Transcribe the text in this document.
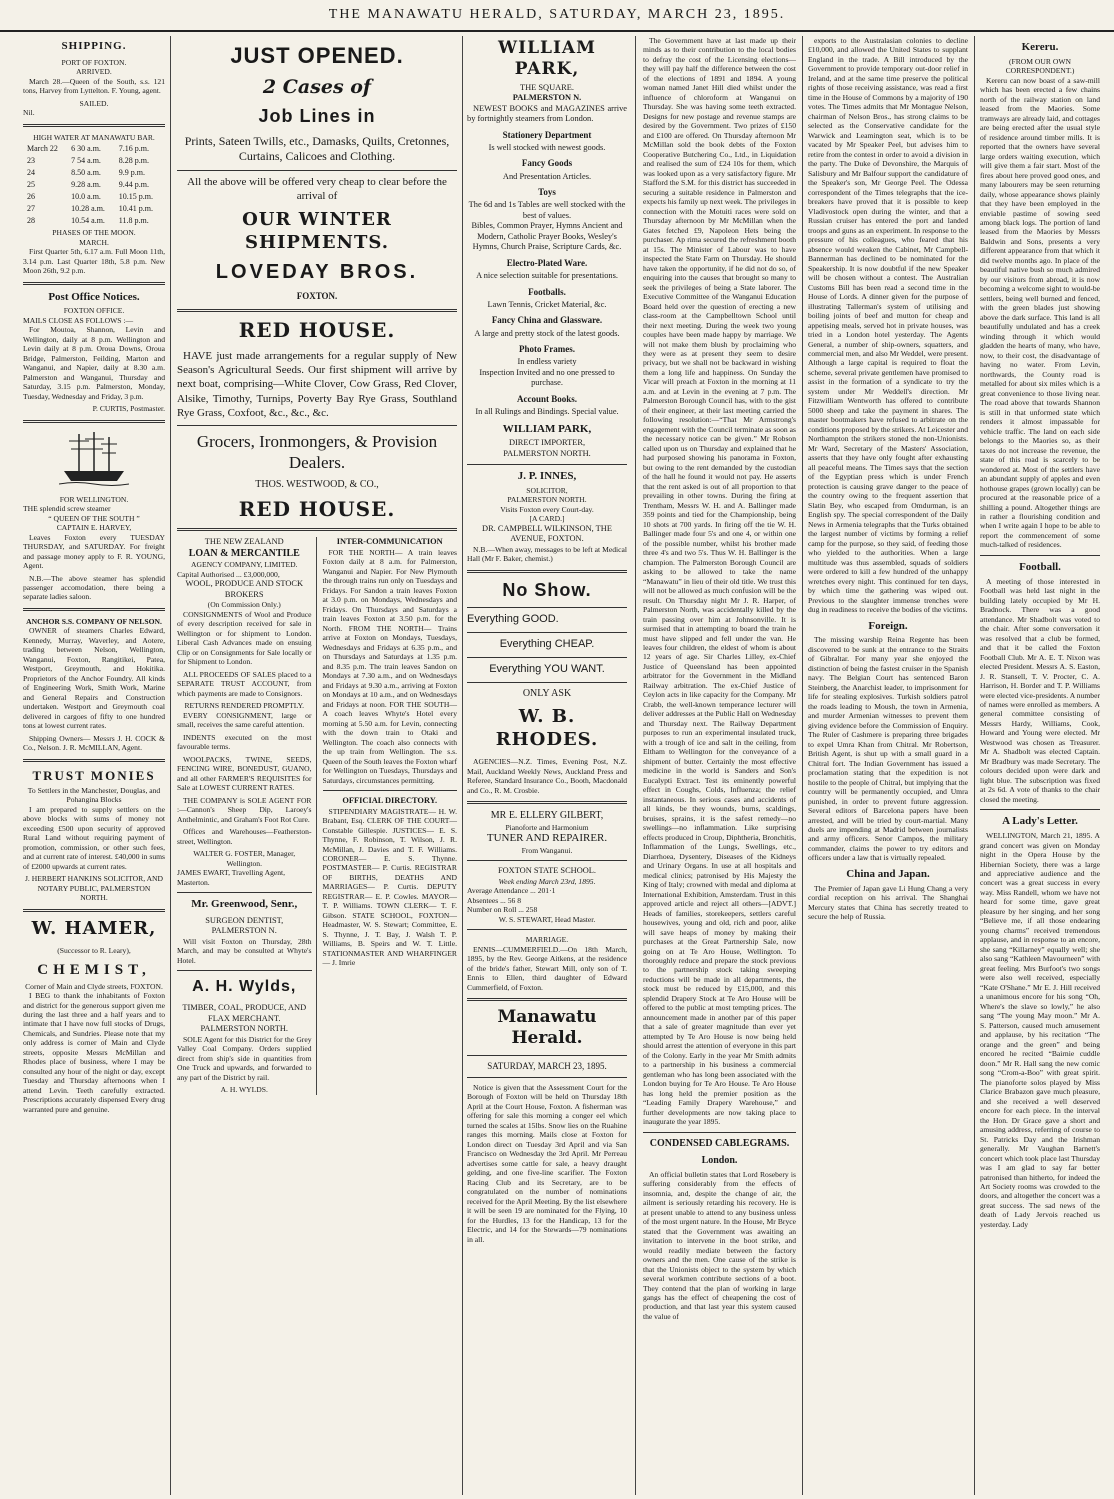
THE MANAWATU HERALD, SATURDAY, MARCH 23, 1895.
SHIPPING.
PORT OF FOXTON.
ARRIVED.

March 28.—Queen of the South, s.s. 121 tons, Harvey from Lyttelton. F. Young, agent.

SAILED.
Nil.
HIGH WATER AT MANAWATU BAR.
March 22	6 30 a.m.	7.16 p.m.
23	7 54 a.m.	8.28 p.m.
24	8.50 a.m.	9.9 p.m.
25	9.28 a.m.	9.44 p.m.
26	10.0 a.m.	10.15 p.m.
27	10.28 a.m.	10.41 p.m.
28	10.54 a.m.	11.8 p.m.
PHASES OF THE MOON.
MARCH.

First Quarter 5th, 6.17 a.m. Full Moon 11th, 3.14 p.m. Last Quarter 18th, 5.8 p.m. New Moon 26th, 9.2 p.m.

Post Office Notices.
FOXTON OFFICE.
MAILS CLOSE AS FOLLOWS :—

For Moutoa, Shannon, Levin and Wellington, daily at 8 p.m. Wellington and Levin daily at 8 p.m. Oroua Downs, Oroua Bridge, Palmerston, Feilding, Marton and Wanganui, and Napier, daily at 8.30 a.m. Palmerston and Wanganui, Thursday and Saturday, 3.15 p.m. Palmerston, Monday, Tuesday, Wednesday and Friday, 3 p.m.

P. CURTIS, Postmaster.
FOR WELLINGTON.
THE splendid screw steamer
“ QUEEN OF THE SOUTH ”
CAPTAIN E. HARVEY,

Leaves Foxton every TUESDAY THURSDAY, and SATURDAY. For freight and passage money apply to F. R. YOUNG, Agent.

N.B.—The above steamer has splendid passenger accomodation, there being a separate ladies saloon.

ANCHOR S.S. COMPANY OF NELSON.

OWNER of steamers Charles Edward, Kennedy, Murray, Waverley, and Aotere, trading between Nelson, Wellington, Wanganui, Foxton, Rangitikei, Patea, Westport, Greymouth, and Hokitika. Proprietors of the Anchor Foundry. All kinds of Engineering Work, Smith Work, Marine and General Repairs and Construction undertaken. Westport and Greymouth coal delivered in cargoes of fifty to one hundred tons at lowest current rates.

Shipping Owners— Messrs J. H. COCK & Co., Nelson. J. R. McMILLAN, Agent.

TRUST MONIES
To Settlers in the Manchester, Douglas, and Pohangina Blocks

I am prepared to supply settlers on the above blocks with sums of money not exceeding £500 upon security of approved Rural Land without requiring payment of promotion, commission, or other such fees, and at current rate of interest. £40,000 in sums of £2000 upwards at current rates.

J. HERBERT HANKINS SOLICITOR, AND NOTARY PUBLIC, PALMERSTON NORTH.
W. HAMER,
(Successor to R. Leary),
CHEMIST,
Corner of Main and Clyde streets, FOXTON.

I BEG to thank the inhabitants of Foxton and district for the generous support given me during the last three and a half years and to intimate that I have now full stocks of Drugs, Chemicals, and Sundries. Please note that my only address is corner of Main and Clyde streets, opposite Messrs McMillan and Rhodes place of business, where I may be consulted any hour of the night or day, except Tuesday and Thursday afternoons when I attend Levin. Teeth carefully extracted. Prescriptions accurately dispensed Every drug warranted pure and genuine.

JUST OPENED.
2 Cases of
Job Lines in
Prints, Sateen Twills, etc., Damasks, Quilts, Cretonnes, Curtains, Calicoes and Clothing.
All the above will be offered very cheap to clear before the arrival of
OUR WINTER SHIPMENTS.
LOVEDAY BROS.
FOXTON.
RED HOUSE.

HAVE just made arrangements for a regular supply of New Season's Agricultural Seeds. Our first shipment will arrive by next boat, comprising—White Clover, Cow Grass, Red Clover, Alsike, Timothy, Turnips, Poverty Bay Rye Grass, Southland Rye Grass, Coxfoot, &c., &c., &c.

Grocers, Ironmongers, & Provision Dealers.
THOS. WESTWOOD, & CO.,
RED HOUSE.
THE NEW ZEALAND
LOAN & MERCANTILE
AGENCY COMPANY, LIMITED.
Capital Authorised ... £3,000,000,
WOOL, PRODUCE AND STOCK BROKERS
(On Commission Only.)

CONSIGNMENTS of Wool and Produce of every description received for sale in Wellington or for shipment to London. Liberal Cash Advances made on ensuing Clip or on Consignments for Sale locally or for Shipment to London.

ALL PROCEEDS OF SALES placed to a SEPARATE TRUST ACCOUNT, from which payments are made to Consignors.

RETURNS RENDERED PROMPTLY.

EVERY CONSIGNMENT, large or small, receives the same careful attention.

INDENTS executed on the most favourable terms.

WOOLPACKS, TWINE, SEEDS, FENCING WIRE, BONEDUST, GUANO, and all other FARMER'S REQUISITES for Sale at LOWEST CURRENT RATES.

THE COMPANY is SOLE AGENT FOR :—Cannon's Sheep Dip, Laroey's Anthelmintic, and Graham's Foot Rot Cure.

Offices and Warehouses—Featherston-street, Wellington.

WALTER G. FOSTER, Manager, Wellington.
JAMES EWART, Travelling Agent, Masterton.
Mr. Greenwood, Senr.,
SURGEON DENTIST,
PALMERSTON N.

Will visit Foxton on Thursday, 28th March, and may be consulted at Whyte's Hotel.

A. H. Wylds,
TIMBER, COAL, PRODUCE, AND FLAX MERCHANT.
PALMERSTON NORTH.

SOLE Agent for this District for the Grey Valley Coal Company. Orders supplied direct from ship's side in quantities from One Truck and upwards, and forwarded to any part of the District by rail.

A. H. WYLDS.
INTER-COMMUNICATION

FOR THE NORTH— A train leaves Foxton daily at 8 a.m. for Palmerston, Wanganui and Napier. For New Plymouth the through trains run only on Tuesdays and Fridays. For Sandon a train leaves Foxton at 3.0 p.m. on Mondays, Wednesdays and Fridays. On Thursdays and Saturdays a train leaves Foxton at 3.50 p.m. for the North. FROM THE NORTH— Trains arrive at Foxton on Mondays, Tuesdays, Wednesdays and Fridays at 6.35 p.m., and on Thursdays and Saturdays at 1.35 p.m. and 8.35 p.m. The train leaves Sandon on Mondays at 7.30 a.m., and on Wednesdays and Fridays at 9.30 a.m., arriving at Foxton on Mondays at 10 a.m., and on Wednesdays and Fridays at noon. FOR THE SOUTH— A coach leaves Whyte's Hotel every morning at 5.50 a.m. for Levin, connecting with the down train to Otaki and Wellington. The coach also connects with the up train from Wellington. The s.s. Queen of the South leaves the Foxton wharf for Wellington on Tuesdays, Thursdays and Saturdays, circumstances permitting.

OFFICIAL DIRECTORY.

STIPENDIARY MAGISTRATE— H. W. Brabant, Esq. CLERK OF THE COURT— Constable Gillespie. JUSTICES— E. S. Thynne, F. Robinson, T. Wilson, J. R. McMillan, J. Davies and T. F. Williams. CORONER— E. S. Thynne. POSTMASTER— P. Curtis. REGISTRAR OF BIRTHS, DEATHS AND MARRIAGES— P. Curtis. DEPUTY REGISTRAR— E. P. Cowles. MAYOR— T. P. Williams. TOWN CLERK— T. F. Gibson. STATE SCHOOL, FOXTON— Headmaster, W. S. Stewart; Committee, E. S. Thynne, J. T. Bay, J. Walsh T. P. Williams, B. Speirs and W. T. Little. STATIONMASTER AND WHARFINGER— J. Imrie

WILLIAM PARK,
THE SQUARE.
PALMERSTON N.

NEWEST BOOKS and MAGAZINES arrive by fortnightly steamers from London.

Stationery Department
Is well stocked with newest goods.
Fancy Goods
And Presentation Articles.
Toys
The 6d and 1s Tables are well stocked with the best of values.
Bibles, Common Prayer, Hymns Ancient and Modern, Catholic Prayer Books, Wesley's Hymns, Church Praise, Scripture Cards, &c.
Electro-Plated Ware.
A nice selection suitable for presentations.
Footballs.
Lawn Tennis, Cricket Material, &c.
Fancy China and Glassware.
A large and pretty stock of the latest goods.
Photo Frames.
In endless variety
Inspection Invited and no one pressed to purchase.
Account Books.
In all Rulings and Bindings. Special value.
WILLIAM PARK,
DIRECT IMPORTER,
PALMERSTON NORTH.
J. P. INNES,
SOLICITOR,
PALMERSTON NORTH.
Visits Foxton every Court-day.
[A CARD.]
DR. CAMPBELL WILKINSON, THE AVENUE, FOXTON.

N.B.—When away, messages to be left at Medical Hall (Mr F. Baker, chemist.)

No Show.
Everything GOOD.
Everything CHEAP.
Everything YOU WANT.
ONLY ASK
W. B. RHODES.

AGENCIES—N.Z. Times, Evening Post, N.Z. Mail, Auckland Weekly News, Auckland Press and Referee, Standard Insurance Co., Booth, Macdonald and Co., R. M. Crosbie.

MR E. ELLERY GILBERT,
Pianoforte and Harmonium
TUNER AND REPAIRER.
From Wanganui.
FOXTON STATE SCHOOL.
Week ending March 23rd, 1895.
Average Attendance ... 201·1
Absentees ... 56 8
Number on Roll ... 258
W. S. STEWART, Head Master.
MARRIAGE.

ENNIS—CUMMERFIELD.—On 18th March, 1895, by the Rev. George Aitkens, at the residence of the bride's father, Stewart Mill, only son of T. Ennis to Ellen, third daughter of Edward Cummerfield, of Foxton.

Manawatu Herald.
SATURDAY, MARCH 23, 1895.

Notice is given that the Assessment Court for the Borough of Foxton will be held on Thursday 18th April at the Court House, Foxton. A fisherman was offering for sale this morning a conger eel which turned the scales at 15lbs. Snow lies on the Ruahine ranges this morning. Mails close at Foxton for London direct on Tuesday 3rd April and via San Francisco on Wednesday the 3rd April. Mr Perreau advertises some cattle for sale, a heavy draught gelding, and one five-line scarifier. The Foxton Racing Club and its Secretary, are to be congratulated on the number of nominations received for the April Meeting. By the list elsewhere it will be seen 19 are nominated for the Flying, 10 for the Hurdles, 13 for the Handicap, 13 for the Electric, and 14 for the Stewards—79 nominations in all.

The Government have at last made up their minds as to their contribution to the local bodies to defray the cost of the Licensing elections—they will pay half the difference between the cost of the elections of 1891 and 1894. A young woman named Janet Hill died whilst under the influence of chloroform at Wanganui on Thursday. She was having some teeth extracted. Designs for new postage and revenue stamps are desired by the Government. Two prizes of £150 and £100 are offered. On Thursday afternoon Mr McMillan sold the book debts of the Foxton Cooperative Butchering Co., Ltd., in Liquidation and realised the sum of £24 10s for them, which was looked upon as a very satisfactory figure. Mr Stafford the S.M. for this district has succeeded in securing a suitable residence in Palmerston and expects his family up next week. The privileges in connection with the Motuiti races were sold on Thursday afternoon by Mr McMillan when the Gates fetched £9, Napoleon Hets being the purchaser. Ap rima secured the refreshment booth at 15s. The Minister of Labour was to have inspected the State Farm on Thursday. He should have taken the opportunity, if he did not do so, of enquiring into the causes that brought so many to seek the privileges of being a State laborer. The Executive Committee of the Wanganui Education Board held over the question of erecting a new class-room at the Campbelltown School until their next meeting. During the week two young couples have been made happy by marriage. We will not make them blush by proclaiming who they were as at present they seem to desire privacy, but we shall not be backward in wishing them a long life and happiness. On Sunday the Vicar will preach at Foxton in the morning at 11 a.m. and at Levin in the evening at 7 p.m. The Palmerston Borough Council has, with to the gist of their engineer, at their last meeting carried the following resolution:—“That Mr Armstrong's engagement with the Council terminate as soon as the necessary notice can be given.” Mr Robson called upon us on Thursday and explained that he had purposed showing his panorama in Foxton, but owing to the rent demanded by the custodian of the hall he found it would not pay. He asserts that the rent asked is out of all proportion to that prevailing in other towns. During the firing at Trentham, Messrs W. H. and A. Ballinger made 359 points and tied for the Championship, being 10 shots at 700 yards. In firing off the tie W. H. Ballinger made four 5's and one 4, or within one of the possible number, whilst his brother made three 4's and two 5's. Thus W. H. Ballinger is the champion. The Palmerston Borough Council are asking to be allowed to take the name “Manawatu” in lieu of their old title. We trust this will not be allowed as much confusion will be the result. On Thursday night Mr J. R. Harper, of Palmerston North, was accidentally killed by the train passing over him at Johnsonville. It is surmised that in attempting to board the train he must have slipped and fell under the van. He leaves four children, the eldest of whom is about 12 years of age. Sir Charles Lilley, ex-Chief Justice of Queensland has been appointed arbitrator for the Government in the Midland Railway arbitration. The ex-Chief Justice of Ceylon acts in like capacity for the Company. Mr Crabb, the well-known temperance lecturer will deliver addresses at the Public Hall on Wednesday and Thursday next. The Railway Department purposes to run an experimental insulated truck, with a trough of ice and salt in the ceiling, from Eltham to Wellington for the conveyance of a shipment of butter. Certainly the most effective medicine in the world is Sanders and Son's Eucalypti Extract. Test its eminently powerful effect in Coughs, Colds, Influenza; the relief instantaneous. In serious cases and accidents of all kinds, be they wounds, burns, scaldings, bruises, sprains, it is the safest remedy—no swellings—no inflammation. Like surprising effects produced in Croup, Diphtheria, Bronchitis, Inflammation of the Lungs, Swellings, etc., Diarrhoea, Dysentery, Diseases of the Kidneys and Urinary Organs. In use at all hospitals and medical clinics; patronised by His Majesty the King of Italy; crowned with medal and diploma at International Exhibition, Amsterdam. Trust in this approved article and reject all others—[ADVT.] Heads of families, storekeepers, settlers careful housewives, young and old, rich and poor, alike will save heaps of money by making their purchases at the Great Partnership Sale, now going on at Te Aro House, Wellington. To thoroughly reduce and prepare the stock previous to the partnership stock taking sweeping reductions will be made in all departments, the stock must be reduced by £15,000, and this splendid Drapery Stock at Te Aro House will be offered to the public at most tempting prices. The announcement made in another par of this paper that a sale of greater magnitude than ever yet attempted by Te Aro House is now being held should arrest the attention of everyone in this part of the Colony. Early in the year Mr Smith admits to a partnership in his business a commercial gentleman who has long been associated with the London buying for Te Aro House. Te Aro House has long held the premier position as the “Leading Family Drapery Warehouse,” and further developments are now taking place to inaugurate the year 1895.

CONDENSED CABLEGRAMS.
London.

An official bulletin states that Lord Rosebery is suffering considerably from the effects of insomnia, and, despite the change of air, the ailment is seriously retarding his recovery. He is at present unable to attend to any business unless of the most urgent nature. In the House, Mr Bryce stated that the Government was awaiting an invitation to intervene in the boot strike, and would readily mediate between the factory owners and the men. One cause of the strike is that the Unionists object to the system by which several workmen contribute sections of a boot. They contend that the plan of working in large gangs has the effect of cheapening the cost of production, and that last year this system caused the value of

exports to the Australasian colonies to decline £10,000, and allowed the United States to supplant England in the trade. A Bill introduced by the Government to provide temporary out-door relief in Ireland, and at the same time preserve the political rights of those receiving assistance, was read a first time in the House of Commons by a majority of 190 votes. The Times admits that Mr Montague Nelson, chairman of Nelson Bros., has strong claims to be selected as the Conservative candidate for the Warwick and Leamington seat, which is to be vacated by Mr Speaker Peel, but advises him to retire from the contest in order to avoid a division in the party. The Duke of Devonshire, the Marquis of Salisbury and Mr Balfour support the candidature of the Speaker's son, Mr George Peel. The Odessa correspondent of the Times telegraphs that the ice-breakers have proved that it is possible to keep Vladivostock open during the winter, and that a Russian cruiser has entered the port and landed troops and guns as an experiment. In response to the pressure of his colleagues, who feared that his absence would weaken the Cabinet, Mr Campbell-Bannerman has declined to be nominated for the Speakership. It is now doubtful if the new Speaker will be chosen without a contest. The Australian Customs Bill has been read a second time in the House of Lords. A dinner given for the purpose of illustrating Tallerman's system of utilising and boiling joints of beef and mutton for cheap and appetising meals, served hot in private houses, was tried in a London hotel yesterday. The Agents General, a number of ship-owners, squatters, and commercial men, and also Mr Weddel, were present. Although a large capital is required to float the scheme, several private gentlemen have promised to assist in the formation of a syndicate to try the system under Mr Weddell's direction. Mr Fitzwilliam Wentworth has offered to contribute 5000 sheep and take the payment in shares. The master bootmakers have refused to arbitrate on the conditions proposed by the strikers. At Leicester and Northampton the strikers stoned the non-Unionists. Mr Ward, Secretary of the Masters' Association, asserts that they have only fought after exhausting all peaceful means. The Times says that the section of the Egyptian press which is under French protection is causing grave danger to the peace of the country owing to the frequent assertion that Slatin Bey, who escaped from Omdurman, is an English spy. The special correspondent of the Daily News in Armenia telegraphs that the Turks obtained the largest number of victims by forming a relief camp for the purpose, so they said, of feeding those who yielded to the authorities. When a large multitude was thus assembled, squads of soldiers were ordered to kill a few hundred of the unhappy wretches every night. This continued for ten days, by which time the gathering was wiped out. Previous to the slaughter immense trenches were dug in readiness to receive the bodies of the victims.

Foreign.

The missing warship Reina Regente has been discovered to be sunk at the entrance to the Straits of Gibraltar. For many year she enjoyed the distinction of being the fastest cruiser in the Spanish navy. The Belgian Court has sentenced Baron Steinberg, the Anarchist leader, to imprisonment for life for stealing explosives. Turkish soldiers patrol the roads leading to Moush, the town in Armenia, and murder Armenian witnesses to prevent them giving evidence before the Commission of Enquiry. The Ruler of Cashmere is preparing three brigades to expel Umra Khan from Chitral. Mr Robertson, British Agent, is shut up with a small guard in a Chitral fort. The Indian Government has issued a proclamation stating that the expedition is not hostile to the people of Chitral, but implying that the country will be permanently occupied, and Umra punished, in order to prevent future aggression. Several editors of Barcelona papers have been arrested, and will be tried by court-martial. Many duels are impending at Madrid between journalists and army officers. Senor Campos, the military commander, claims the power to try editors and officers under a law that is virtually repealed.

China and Japan.

The Premier of Japan gave Li Hung Chang a very cordial reception on his arrival. The Shanghai Mercury states that China has secretly treated to secure the help of Russia.

Kereru.
(FROM OUR OWN CORRESPONDENT.)

Kereru can now boast of a saw-mill which has been erected a few chains north of the railway station on land leased from the Maories. Some tramways are already laid, and cottages are being erected after the usual style of residence around timber mills. It is reported that the owners have several large orders waiting execution, which will give them a fair start. Most of the fires about here proved good ones, and many labourers may be seen returning daily, whose appearance shows plainly that they have been employed in the enviable pastime of sowing seed among black logs. The portion of land leased from the Maories by Messrs Baldwin and Sons, presents a very different appearance from that which it did twelve months ago. In place of the beautiful native bush so much admired by our visitors from abroad, it is now becoming a welcome sight to would-be settlers, being well burned and fenced, with the green blades just showing above the dark surface. This land is all beautifully undulated and has a creek winding through it which would gladden the hearts of many, who have, now, to their cost, the disadvantage of having no water. From Levin, northwards, the County road is metalled for about six miles which is a great convenience to those living near. The road above that towards Shannon is still in that unformed state which renders it almost impassable for vehicle traffic. The land on each side belongs to the Maories so, as their taxes do not increase the revenue, the state of this road is scarcely to be wondered at. Most of the settlers have an abundant supply of apples and even hothouse grapes (grown locally) can be procured at the reasonable price of a shilling a pound. Altogether things are in rather a flourishing condition and when I write again I hope to be able to report the commencement of some much-talked of residences.

Football.

A meeting of those interested in Football was held last night in the building lately occupied by Mr H. Bradnock. There was a good attendance. Mr Shadbolt was voted to the chair. After some conversation it was resolved that a club be formed, and that it be called the Foxton Football Club. Mr A. E. T. Nixon was elected President. Messrs A. S. Easton, J. R. Stansell, T. V. Procter, C. A. Harrison, H. Border and T. P. Williams were elected vice-presidents. A number of names were enrolled as members. A general committee consisting of Messrs Hardy, Williams, Cook, Howard and Young were elected. Mr Westwood was chosen as Treasurer. Mr A. Shadbolt was elected Captain. Mr Bradbury was made Secretary. The colours decided upon were dark and light blue. The subscription was fixed at 2s 6d. A vote of thanks to the chair closed the meeting.

A Lady's Letter.

WELLINGTON, March 21, 1895. A grand concert was given on Monday night in the Opera House by the Hibernian Society, there was a large and appreciative audience and the concert was a great success in every way. Miss Randell, whom we have not heard for some time, gave great pleasure by her singing, and her song “Believe me, if all those endearing young charms” received tremendous applause, and in response to an encore, she sang “Killarney” equally well; she also sang “Kathleen Mavourneen” with great feeling. Mrs Burfoot's two songs were also well received, especially “Kate O'Shane.” Mr E. J. Hill received a unanimous encore for his song “Oh, Where's the slave so lowly,” he also sang “The young May moon.” Mr A. S. Patterson, caused much amusement and applause, by his recitation “The orange and the green” and being encored he recited “Bairnie cuddle doon.” Mr R. Hall sang the new comic song “Crom-a-Boo” with great spirit. The pianoforte solos played by Miss Clarice Brabazon gave much pleasure, and she received a well deserved encore for each piece. In the interval the Hon. Dr Grace gave a short and amusing address, referring of course to St. Patricks Day and the Irishman generally. Mr Vaughan Barnett's concert which took place last Thursday was I am glad to say far better patronised than hitherto, for indeed the Art Society rooms was crowded to the doors, and altogether the concert was a great success. The sad news of the death of Lady Jervois reached us yesterday. Lady
